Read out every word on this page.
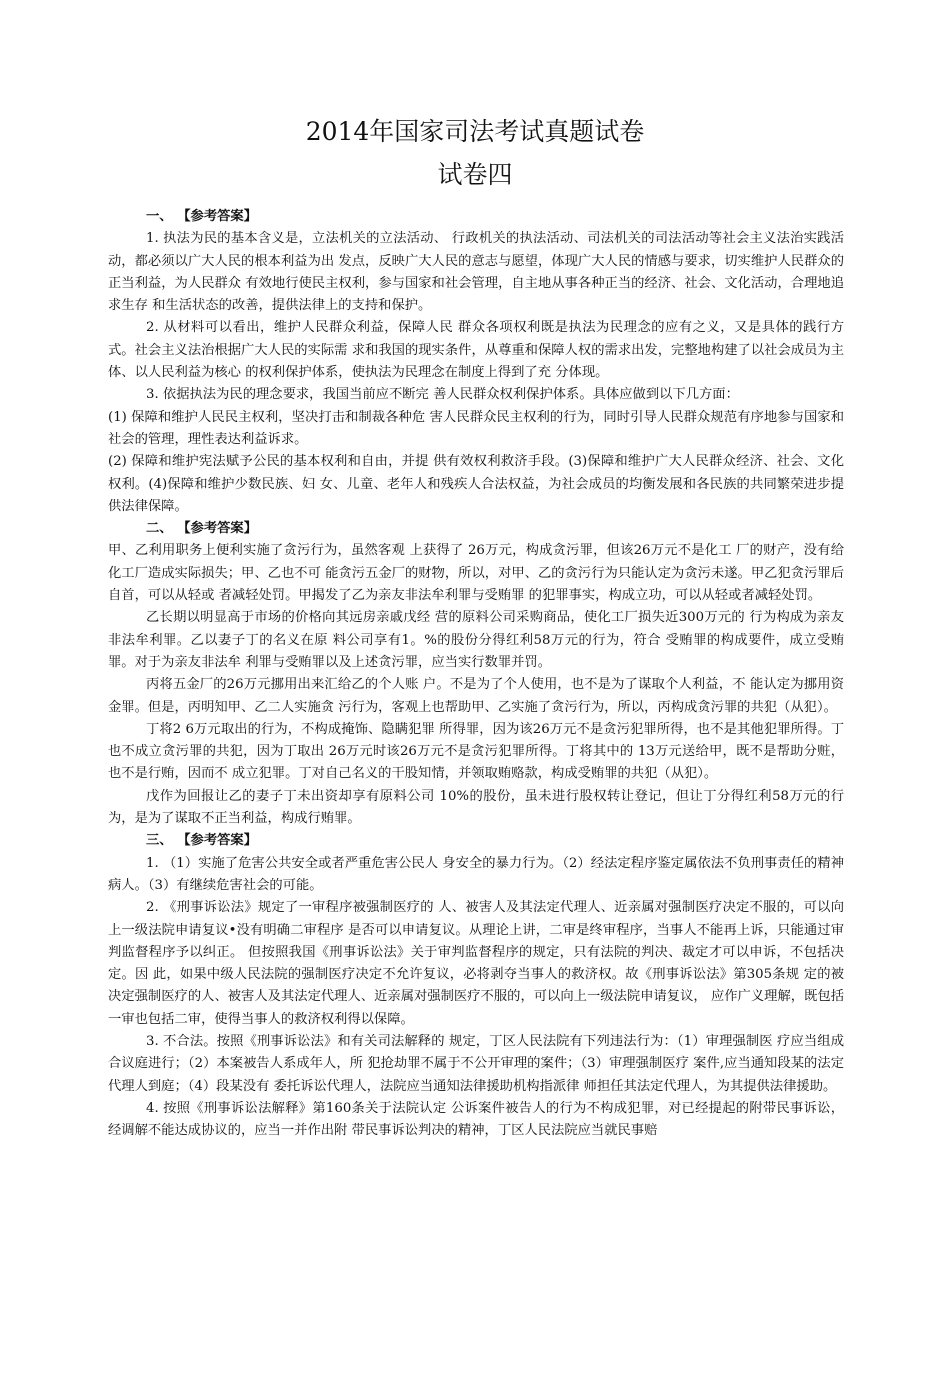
2014年国家司法考试真题试卷
试卷四

一、 【参考答案】

1. 执法为民的基本含义是，立法机关的立法活动、 行政机关的执法活动、司法机关的司法活动等社会主义法治实践活动，都必须以广大人民的根本利益为出 发点，反映广大人民的意志与愿望，体现广大人民的情感与要求，切实维护人民群众的正当利益，为人民群众 有效地行使民主权利，参与国家和社会管理，自主地从事各种正当的经济、社会、文化活动，合理地追求生存 和生活状态的改善，提供法律上的支持和保护。

2. 从材料可以看出，维护人民群众利益，保障人民 群众各项权利既是执法为民理念的应有之义，又是具体的践行方式。社会主义法治根据广大人民的实际需 求和我国的现实条件，从尊重和保障人权的需求出发，完整地构建了以社会成员为主体、以人民利益为核心 的权利保护体系，使执法为民理念在制度上得到了充 分体现。

3. 依据执法为民的理念要求，我国当前应不断完 善人民群众权利保护体系。具体应做到以下几方面：

(1) 保障和维护人民民主权利，坚决打击和制裁各种危 害人民群众民主权利的行为，同时引导人民群众规范有序地参与国家和社会的管理，理性表达利益诉求。

(2) 保障和维护宪法赋予公民的基本权利和自由，并提 供有效权利救济手段。(3)保障和维护广大人民群众经济、社会、文化权利。(4)保障和维护少数民族、妇 女、儿童、老年人和残疾人合法权益，为社会成员的均衡发展和各民族的共同繁荣进步提供法律保障。

二、 【参考答案】

甲、乙利用职务上便利实施了贪污行为，虽然客观 上获得了 26万元，构成贪污罪，但该26万元不是化工 厂的财产，没有给化工厂造成实际损失；甲、乙也不可 能贪污五金厂的财物，所以，对甲、乙的贪污行为只能认定为贪污未遂。甲乙犯贪污罪后自首，可以从轻或 者减轻处罚。甲揭发了乙为亲友非法牟利罪与受贿罪 的犯罪事实，构成立功，可以从轻或者减轻处罚。

乙长期以明显高于市场的价格向其远房亲戚戊经 营的原料公司采购商品，使化工厂损失近300万元的 行为构成为亲友非法牟利罪。乙以妻子丁的名义在原 料公司享有1。%的股份分得红利58万元的行为，符合 受贿罪的构成要件，成立受贿罪。对于为亲友非法牟 利罪与受贿罪以及上述贪污罪，应当实行数罪并罚。

丙将五金厂的26万元挪用出来汇给乙的个人账 户。不是为了个人使用，也不是为了谋取个人利益，不 能认定为挪用资金罪。但是，丙明知甲、乙二人实施贪 污行为，客观上也帮助甲、乙实施了贪污行为，所以，丙构成贪污罪的共犯（从犯）。

丁将2 6万元取出的行为，不构成掩饰、隐瞒犯罪 所得罪，因为该26万元不是贪污犯罪所得，也不是其他犯罪所得。丁也不成立贪污罪的共犯，因为丁取出 26万元时该26万元不是贪污犯罪所得。丁将其中的 13万元送给甲，既不是帮助分赃，也不是行贿，因而不 成立犯罪。丁对自己名义的干股知情，并领取贿赂款，构成受贿罪的共犯（从犯）。

戊作为回报让乙的妻子丁未出资却享有原料公司 10%的股份，虽未进行股权转让登记，但让丁分得红利58万元的行为，是为了谋取不正当利益，构成行贿罪。

三、 【参考答案】

1. （1）实施了危害公共安全或者严重危害公民人 身安全的暴力行为。（2）经法定程序鉴定属依法不负刑事责任的精神病人。（3）有继续危害社会的可能。

2. 《刑事诉讼法》规定了一审程序被强制医疗的 人、被害人及其法定代理人、近亲属对强制医疗决定不服的，可以向上一级法院申请复议•没有明确二审程序 是否可以申请复议。从理论上讲，二审是终审程序，当事人不能再上诉，只能通过审判监督程序予以纠正。 但按照我国《刑事诉讼法》关于审判监督程序的规定，只有法院的判决、裁定才可以申诉，不包括决定。因 此，如果中级人民法院的强制医疗决定不允许复议，必将剥夺当事人的救济权。故《刑事诉讼法》第305条规 定的被决定强制医疗的人、被害人及其法定代理人、近亲属对强制医疗不服的，可以向上一级法院申请复议， 应作广义理解，既包括一审也包括二审，使得当事人的救济权利得以保障。

3. 不合法。按照《刑事诉讼法》和有关司法解释的 规定，丁区人民法院有下列违法行为：（1）审理强制医 疗应当组成合议庭进行；（2）本案被告人系成年人，所 犯抢劫罪不属于不公开审理的案件；（3）审理强制医疗 案件,应当通知段某的法定代理人到庭；（4）段某没有 委托诉讼代理人，法院应当通知法律援助机构指派律 师担任其法定代理人，为其提供法律援助。

4. 按照《刑事诉讼法解释》第160条关于法院认定 公诉案件被告人的行为不构成犯罪，对已经提起的附带民事诉讼，经调解不能达成协议的，应当一并作出附 带民事诉讼判决的精神，丁区人民法院应当就民事赔
